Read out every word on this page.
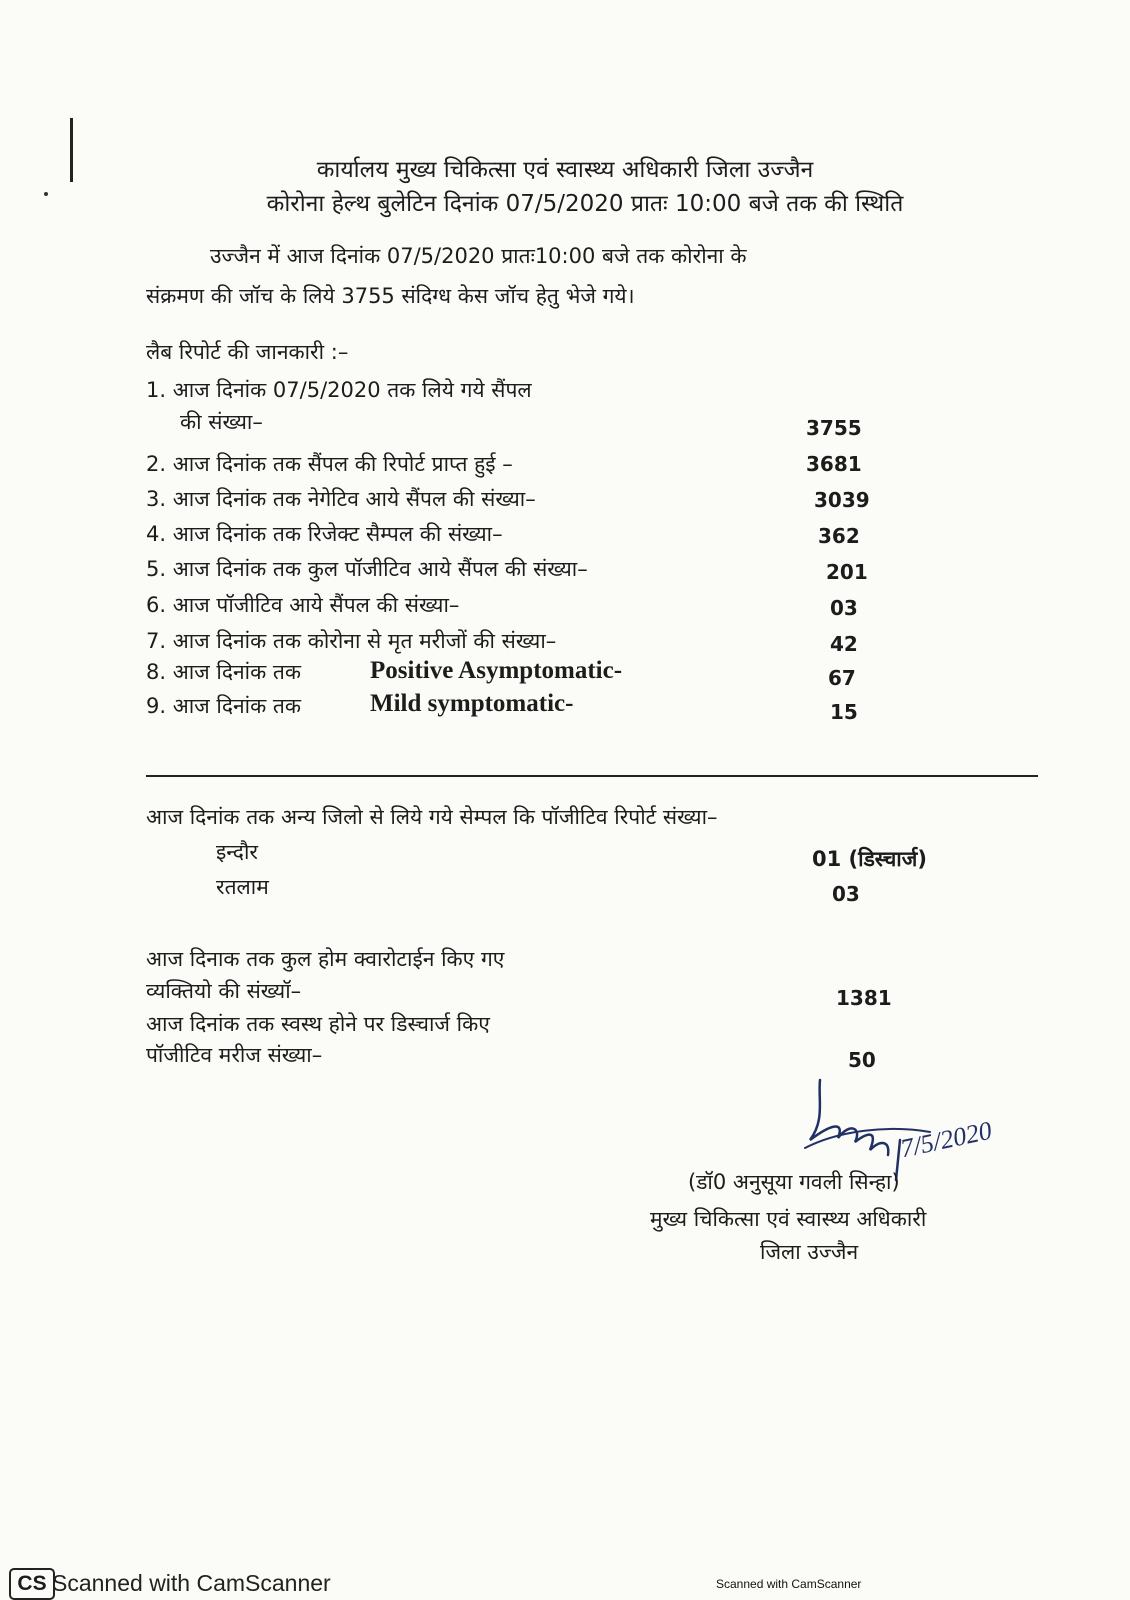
कार्यालय मुख्य चिकित्सा एवं स्वास्थ्य अधिकारी जिला उज्जैन
कोरोना हेल्थ बुलेटिन दिनांक 07/5/2020 प्रातः 10:00 बजे तक की स्थिति
उज्जैन में आज दिनांक 07/5/2020 प्रातः10:00 बजे तक कोरोना के
संक्रमण की जॉच के लिये 3755 संदिग्ध केस जॉच हेतु भेजे गये।
लैब रिपोर्ट की जानकारी :–
1. आज दिनांक 07/5/2020 तक लिये गये सैंपल
की संख्या–	3755
2. आज दिनांक तक सैंपल की रिपोर्ट प्राप्त हुई –	3681
3. आज दिनांक तक नेगेटिव आये सैंपल की संख्या–	3039
4. आज दिनांक तक रिजेक्ट सैम्पल की संख्या–	362
5. आज दिनांक तक कुल पॉजीटिव आये सैंपल की संख्या–	201
6. आज पॉजीटिव आये सैंपल की संख्या–	03
7. आज दिनांक तक कोरोना से मृत मरीजों की संख्या–	42
8. आज दिनांक तक	Positive Asymptomatic-	67
9. आज दिनांक तक	Mild symptomatic-	15
आज दिनांक तक अन्य जिलो से लिये गये सेम्पल कि पॉजीटिव रिपोर्ट संख्या–
इन्दौर	01 (डिस्चार्ज)
रतलाम	03
आज दिनाक तक कुल होम क्वारोटाईन किए गए
व्यक्तियो की संख्यॉ–	1381
आज दिनांक तक स्वस्थ होने पर डिस्चार्ज किए
पॉजीटिव मरीज संख्या–	50
7/5/2020
(डॉ0 अनुसूया गवली सिन्हा)
मुख्य चिकित्सा एवं स्वास्थ्य अधिकारी
जिला उज्जैन
CS Scanned with CamScanner	Scanned with CamScanner
